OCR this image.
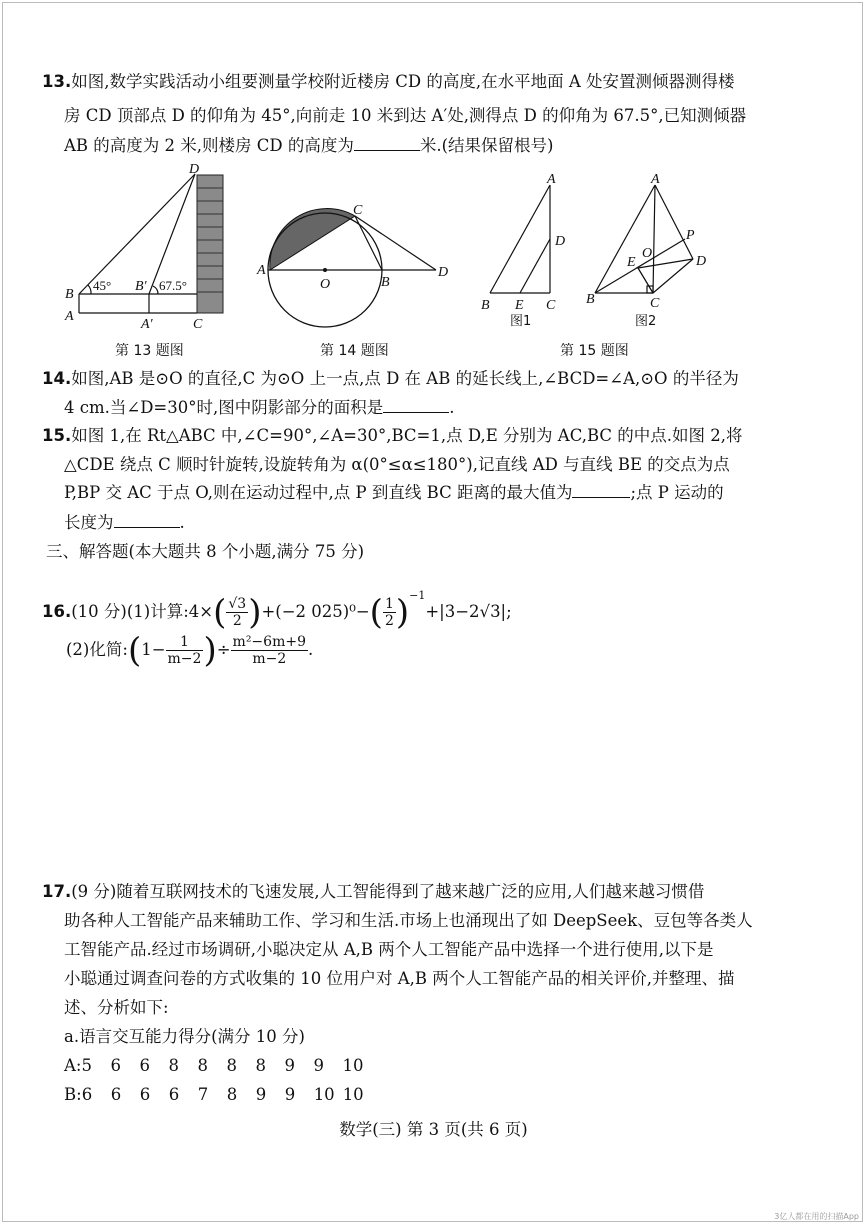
13.如图,数学实践活动小组要测量学校附近楼房 CD 的高度,在水平地面 A 处安置测倾器测得楼
房 CD 顶部点 D 的仰角为 45°,向前走 10 米到达 A′处,测得点 D 的仰角为 67.5°,已知测倾器
AB 的高度为 2 米,则楼房 CD 的高度为	米.(结果保留根号)
D
B
A
B′
A′	C
45°	67.5°
A
O	B
C
D
A
D
B E C
图1
A
P
O
E	D
B	C
图2
第 13 题图	第 14 题图	第 15 题图
14.如图,AB 是⊙O 的直径,C 为⊙O 上一点,点 D 在 AB 的延长线上,∠BCD=∠A,⊙O 的半径为
4 cm.当∠D=30°时,图中阴影部分的面积是	.
15.如图 1,在 Rt△ABC 中,∠C=90°,∠A=30°,BC=1,点 D,E 分别为 AC,BC 的中点.如图 2,将
△CDE 绕点 C 顺时针旋转,设旋转角为 α(0°≤α≤180°),记直线 AD 与直线 BE 的交点为点
P,BP 交 AC 于点 O,则在运动过程中,点 P 到直线 BC 距离的最大值为	;点 P 运动的
长度为	.
三、解答题(本大题共 8 个小题,满分 75 分)
16.(10 分)(1)计算:4×( $\frac{√3}{2} )+(-2$ $025)^0-( \frac{1}{2} )^{-1}+|3-2√3|$;
(2)化简:(1− $\frac{1}{m-2}$ )÷ $\frac{\text{m²−6m+9}}{m-2}$ .
17.(9 分)随着互联网技术的飞速发展,人工智能得到了越来越广泛的应用,人们越来越习惯借
助各种人工智能产品来辅助工作、学习和生活.市场上也涌现出了如 DeepSeek、豆包等各类人
工智能产品.经过市场调研,小聪决定从 A,B 两个人工智能产品中选择一个进行使用,以下是
小聪通过调查问卷的方式收集的 10 位用户对 A,B 两个人工智能产品的相关评价,并整理、描
述、分析如下:
a.语言交互能力得分(满分 10 分)
A:5 6 6 8 8 8 8 9 9 10
B:6 6 6 6 7 8 9 9 10 10
数学(三) 第 3 页(共 6 页)
3亿人都在用的扫描App
